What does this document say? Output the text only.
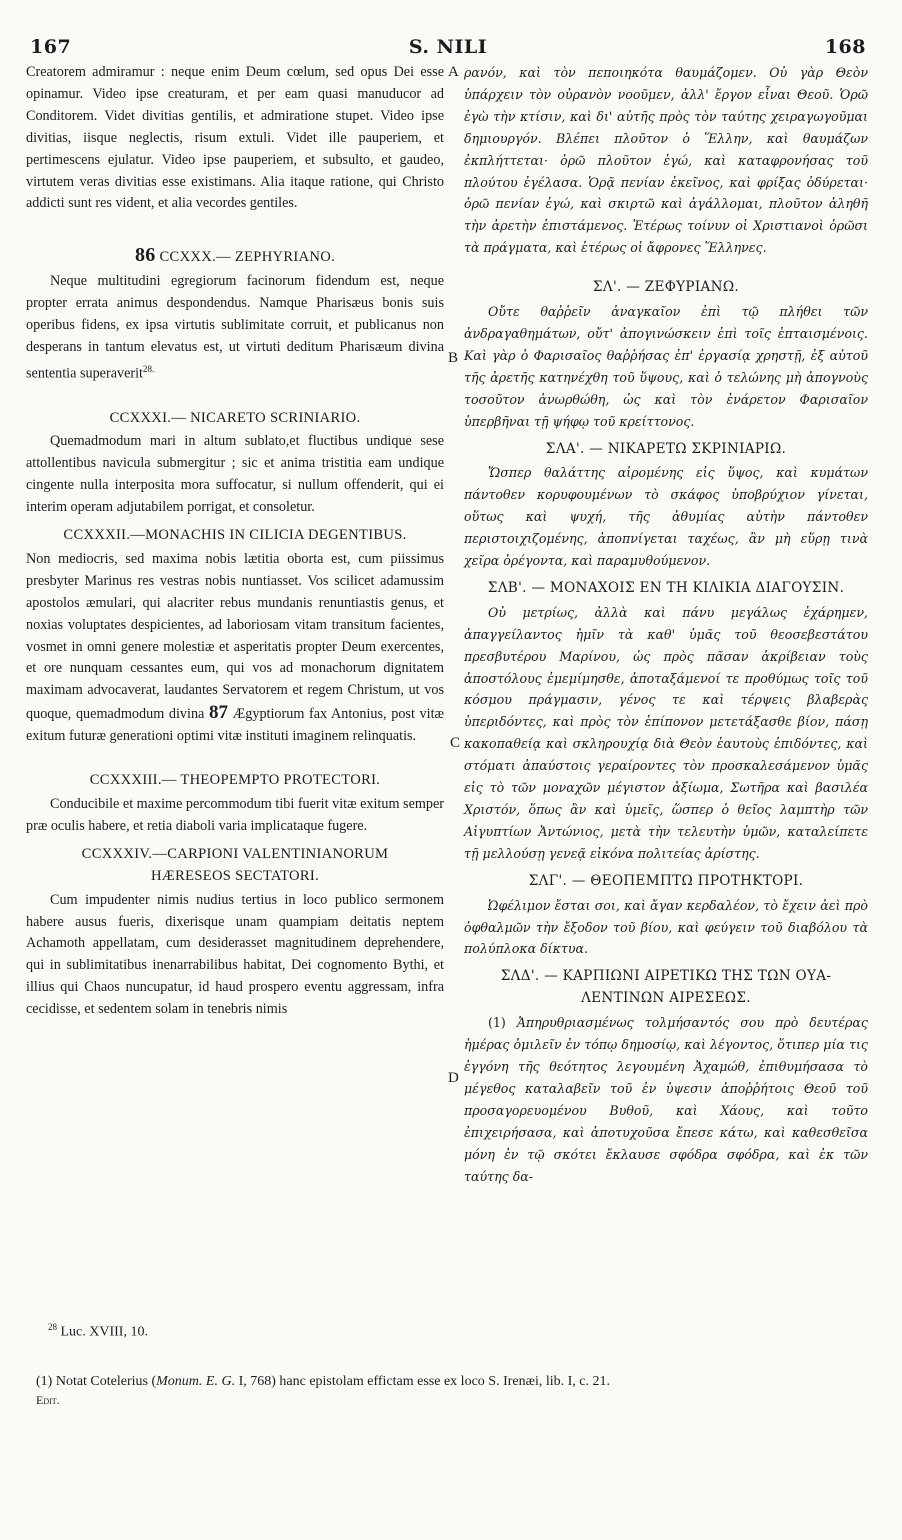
167	S. NILI	168

Creatorem admiramur : neque enim Deum cœlum, sed opus Dei esse opinamur. Video ipse creaturam, et per eam quasi manuducor ad Conditorem. Videt divitias gentilis, et admiratione stupet. Video ipse divitias, iisque neglectis, risum extuli. Videt ille pauperiem, et pertimescens ejulatur. Video ipse pauperiem, et subsulto, et gaudeo, virtutem veras divitias esse existimans. Alia itaque ratione, qui Christo addicti sunt res vident, et alia vecordes gentiles.

86 CCXXX.— ZEPHYRIANO.

Neque multitudini egregiorum facinorum fidendum est, neque propter errata animus despondendus. Namque Pharisæus bonis suis operibus fidens, ex ipsa virtutis sublimitate corruit, et publicanus non desperans in tantum elevatus est, ut virtuti deditum Pharisæum divina sententia superaverit$^{28.}$

CCXXXI.— NICARETO SCRINIARIO.

Quemadmodum mari in altum sublato,et fluctibus undique sese attollentibus navicula submergitur ; sic et anima tristitia eam undique cingente nulla interposita mora suffocatur, si nullum offenderit, qui ei interim operam adjutabilem porrigat, et consoletur.

CCXXXII.—MONACHIS IN CILICIA DEGENTIBUS.

Non mediocris, sed maxima nobis lætitia oborta est, cum piissimus presbyter Marinus res vestras nobis nuntiasset. Vos scilicet adamussim apostolos æmulari, qui alacriter rebus mundanis renuntiastis genus, et noxias voluptates despicientes, ad laboriosam vitam transitum facientes, vosmet in omni genere molestiæ et asperitatis propter Deum exercentes, et ore nunquam cessantes eum, qui vos ad monachorum dignitatem maximam advocaverat, laudantes Servatorem et regem Christum, ut vos quoque, quemadmodum divina 87 Ægyptiorum fax Antonius, post vitæ exitum futuræ generationi optimi vitæ instituti imaginem relinquatis.

CCXXXIII.— THEOPEMPTO PROTECTORI.

Conducibile et maxime percommodum tibi fuerit vitæ exitum semper præ oculis habere, et retia diaboli varia implicataque fugere.

CCXXXIV.—CARPIONI VALENTINIANORUM
HÆRESEOS SECTATORI.

Cum impudenter nimis nudius tertius in loco publico sermonem habere ausus fueris, dixerisque unam quampiam deitatis neptem Achamoth appellatam, cum desiderasset magnitudinem deprehendere, qui in sublimitatibus inenarrabilibus habitat, Dei cognomento Bythi, et illius qui Chaos nuncupatur, id haud prospero eventu aggressam, infra cecidisse, et sedentem solam in tenebris nimis

A
B
C
D

ρανόν, καὶ τὸν πεποιηκότα θαυμάζομεν. Οὐ γὰρ Θεὸν ὑπάρχειν τὸν οὐρανὸν νοοῦμεν, ἀλλ' ἔργον εἶναι Θεοῦ. Ὁρῶ ἐγὼ τὴν κτίσιν, καὶ δι' αὐτῆς πρὸς τὸν ταύτης χειραγωγοῦμαι δημιουργόν. Βλέπει πλοῦτον ὁ Ἕλλην, καὶ θαυμάζων ἐκπλήττεται· ὁρῶ πλοῦτον ἐγώ, καὶ καταφρονήσας τοῦ πλούτου ἐγέλασα. Ὁρᾷ πενίαν ἐκεῖνος, καὶ φρίξας ὀδύρεται· ὁρῶ πενίαν ἐγώ, καὶ σκιρτῶ καὶ ἀγάλλομαι, πλοῦτον ἀληθῆ τὴν ἀρετὴν ἐπιστάμενος. Ἑτέρως τοίνυν οἱ Χριστιανοὶ ὁρῶσι τὰ πράγματα, καὶ ἑτέρως οἱ ἄφρονες Ἕλληνες.

ΣΛ'. — ΖΕΦΥΡΙΑΝΩ.

Οὔτε θαῤῥεῖν ἀναγκαῖον ἐπὶ τῷ πλήθει τῶν ἀνδραγαθημάτων, οὔτ' ἀπογινώσκειν ἐπὶ τοῖς ἐπταισμένοις. Καὶ γὰρ ὁ Φαρισαῖος θαῤῥήσας ἐπ' ἐργασίᾳ χρηστῇ, ἐξ αὐτοῦ τῆς ἀρετῆς κατηνέχθη τοῦ ὕψους, καὶ ὁ τελώνης μὴ ἀπογνοὺς τοσοῦτον ἀνωρθώθη, ὡς καὶ τὸν ἐνάρετον Φαρισαῖον ὑπερβῆναι τῇ ψήφῳ τοῦ κρείττονος.

ΣΛΑ'. — ΝΙΚΑΡΕΤΩ ΣΚΡΙΝΙΑΡΙΩ.

Ὥσπερ θαλάττης αἰρομένης εἰς ὕψος, καὶ κυμάτων πάντοθεν κορυφουμένων τὸ σκάφος ὑποβρύχιον γίνεται, οὕτως καὶ ψυχή, τῆς ἀθυμίας αὐτὴν πάντοθεν περιστοιχιζομένης, ἀποπνίγεται ταχέως, ἂν μὴ εὕρῃ τινὰ χεῖρα ὀρέγοντα, καὶ παραμυθούμενον.

ΣΛΒ'. — ΜΟΝΑΧΟΙΣ ΕΝ ΤΗ ΚΙΛΙΚΙΑ ΔΙΑΓΟΥΣΙΝ.

Οὐ μετρίως, ἀλλὰ καὶ πάνυ μεγάλως ἐχάρημεν, ἀπαγγείλαντος ἡμῖν τὰ καθ' ὑμᾶς τοῦ θεοσεβεστάτου πρεσβυτέρου Μαρίνου, ὡς πρὸς πᾶσαν ἀκρίβειαν τοὺς ἀποστόλους ἐμεμίμησθε, ἀποταξάμενοί τε προθύμως τοῖς τοῦ κόσμου πράγμασιν, γένος τε καὶ τέρψεις βλαβερὰς ὑπεριδόντες, καὶ πρὸς τὸν ἐπίπονον μετετάξασθε βίον, πάσῃ κακοπαθείᾳ καὶ σκληρουχίᾳ διὰ Θεὸν ἑαυτοὺς ἐπιδόντες, καὶ στόματι ἀπαύστοις γεραίροντες τὸν προσκαλεσάμενον ὑμᾶς εἰς τὸ τῶν μοναχῶν μέγιστον ἀξίωμα, Σωτῆρα καὶ βασιλέα Χριστόν, ὅπως ἂν καὶ ὑμεῖς, ὥσπερ ὁ θεῖος λαμπτὴρ τῶν Αἰγυπτίων Ἀντώνιος, μετὰ τὴν τελευτὴν ὑμῶν, καταλείπετε τῇ μελλούσῃ γενεᾷ εἰκόνα πολιτείας ἀρίστης.

ΣΛΓ'. — ΘΕΟΠΕΜΠΤΩ ΠΡΟΤΗΚΤΟΡΙ.

Ὠφέλιμον ἔσται σοι, καὶ ἄγαν κερδαλέον, τὸ ἔχειν ἀεὶ πρὸ ὀφθαλμῶν τὴν ἔξοδον τοῦ βίου, καὶ φεύγειν τοῦ διαβόλου τὰ πολύπλοκα δίκτυα.

ΣΛΔ'. — ΚΑΡΠΙΩΝΙ ΑΙΡΕΤΙΚΩ ΤΗΣ ΤΩΝ ΟΥΑ-
ΛΕΝΤΙΝΩΝ ΑΙΡΕΣΕΩΣ.

(1) Ἀπηρυθριασμένως τολμήσαντός σου πρὸ δευτέρας ἡμέρας ὁμιλεῖν ἐν τόπῳ δημοσίῳ, καὶ λέγοντος, ὅτιπερ μία τις ἐγγόνη τῆς θεότητος λεγουμένη Ἀχαμώθ, ἐπιθυμήσασα τὸ μέγεθος καταλαβεῖν τοῦ ἐν ὑψεσιν ἀποῤῥήτοις Θεοῦ τοῦ προσαγορευομένου Βυθοῦ, καὶ Χάους, καὶ τοῦτο ἐπιχειρήσασα, καὶ ἀποτυχοῦσα ἔπεσε κάτω, καὶ καθεσθεῖσα μόνη ἐν τῷ σκότει ἔκλαυσε σφόδρα σφόδρα, καὶ ἐκ τῶν ταύτης δα-

$^{28}$ Luc. XVIII, 10.
(1) Notat Cotelerius (Monum. E. G. I, 768) hanc epistolam effictam esse ex loco S. Irenæi, lib. I, c. 21.
Edit.
